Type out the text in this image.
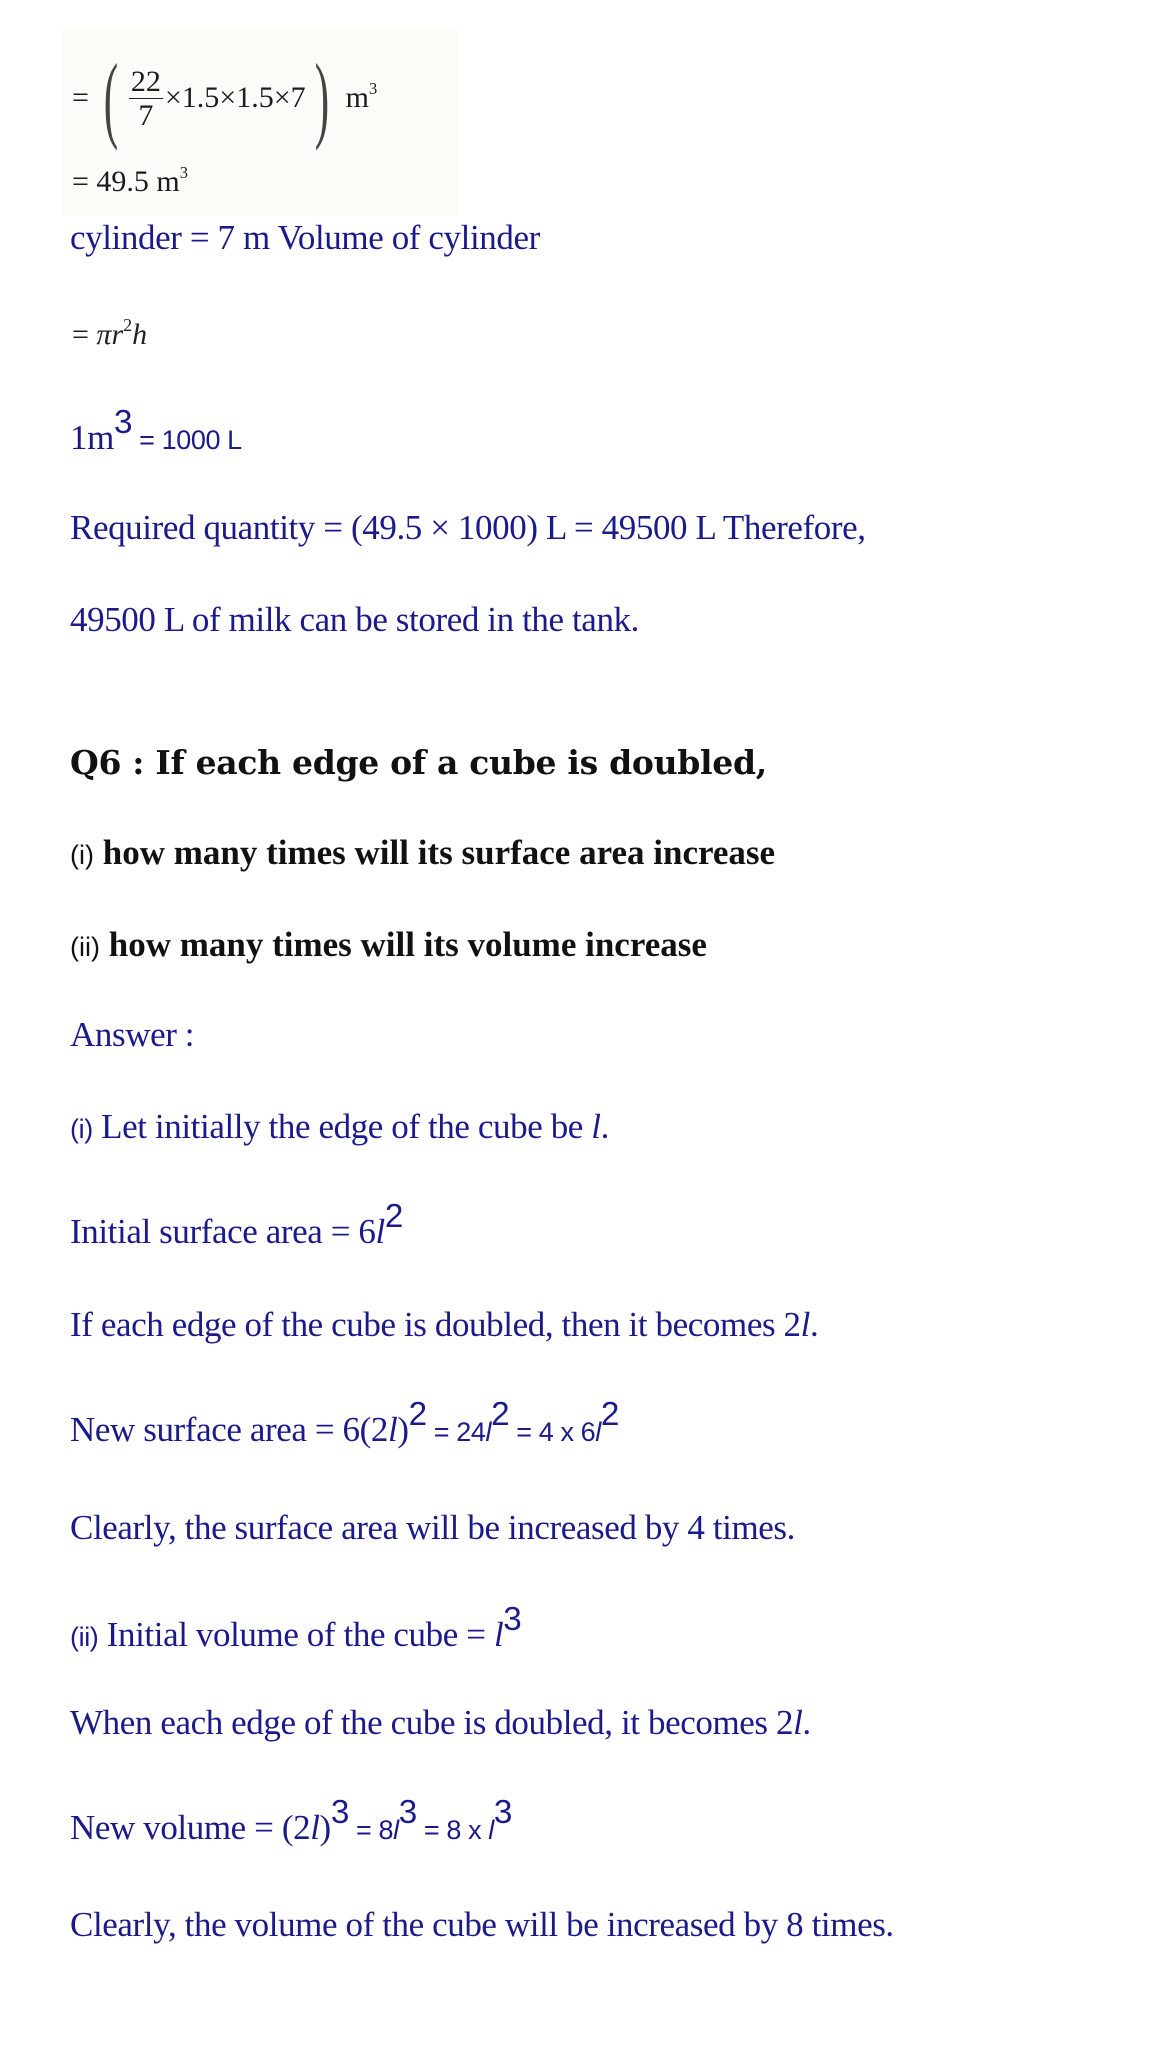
= ( $\frac{22}{7} \times 1.5\times 1.5\times 7$ ) $m^3$
= 49.5 $m^3$
cylinder = 7 m Volume of cylinder
= $\pi r^2h$
$1m^3 = 1000$ L
Required quantity = (49.5 × 1000) L = 49500 L Therefore,
49500 L of milk can be stored in the tank.
Q6 : If each edge of a cube is doubled,
(i) how many times will its surface area increase
(ii) how many times will its volume increase
Answer :
(i) Let initially the edge of the cube be l.
Initial surface area = $6l^2$
If each edge of the cube is doubled, then it becomes 2l.
New surface area = $6(2l)^2 = 24l^2 = 4$ x $6l^2$
Clearly, the surface area will be increased by 4 times.
(ii) Initial volume of the cube = $l^3$
When each edge of the cube is doubled, it becomes 2l.
New volume = $(2l)^3 = 8l^3 = 8$ x $l^3$
Clearly, the volume of the cube will be increased by 8 times.
